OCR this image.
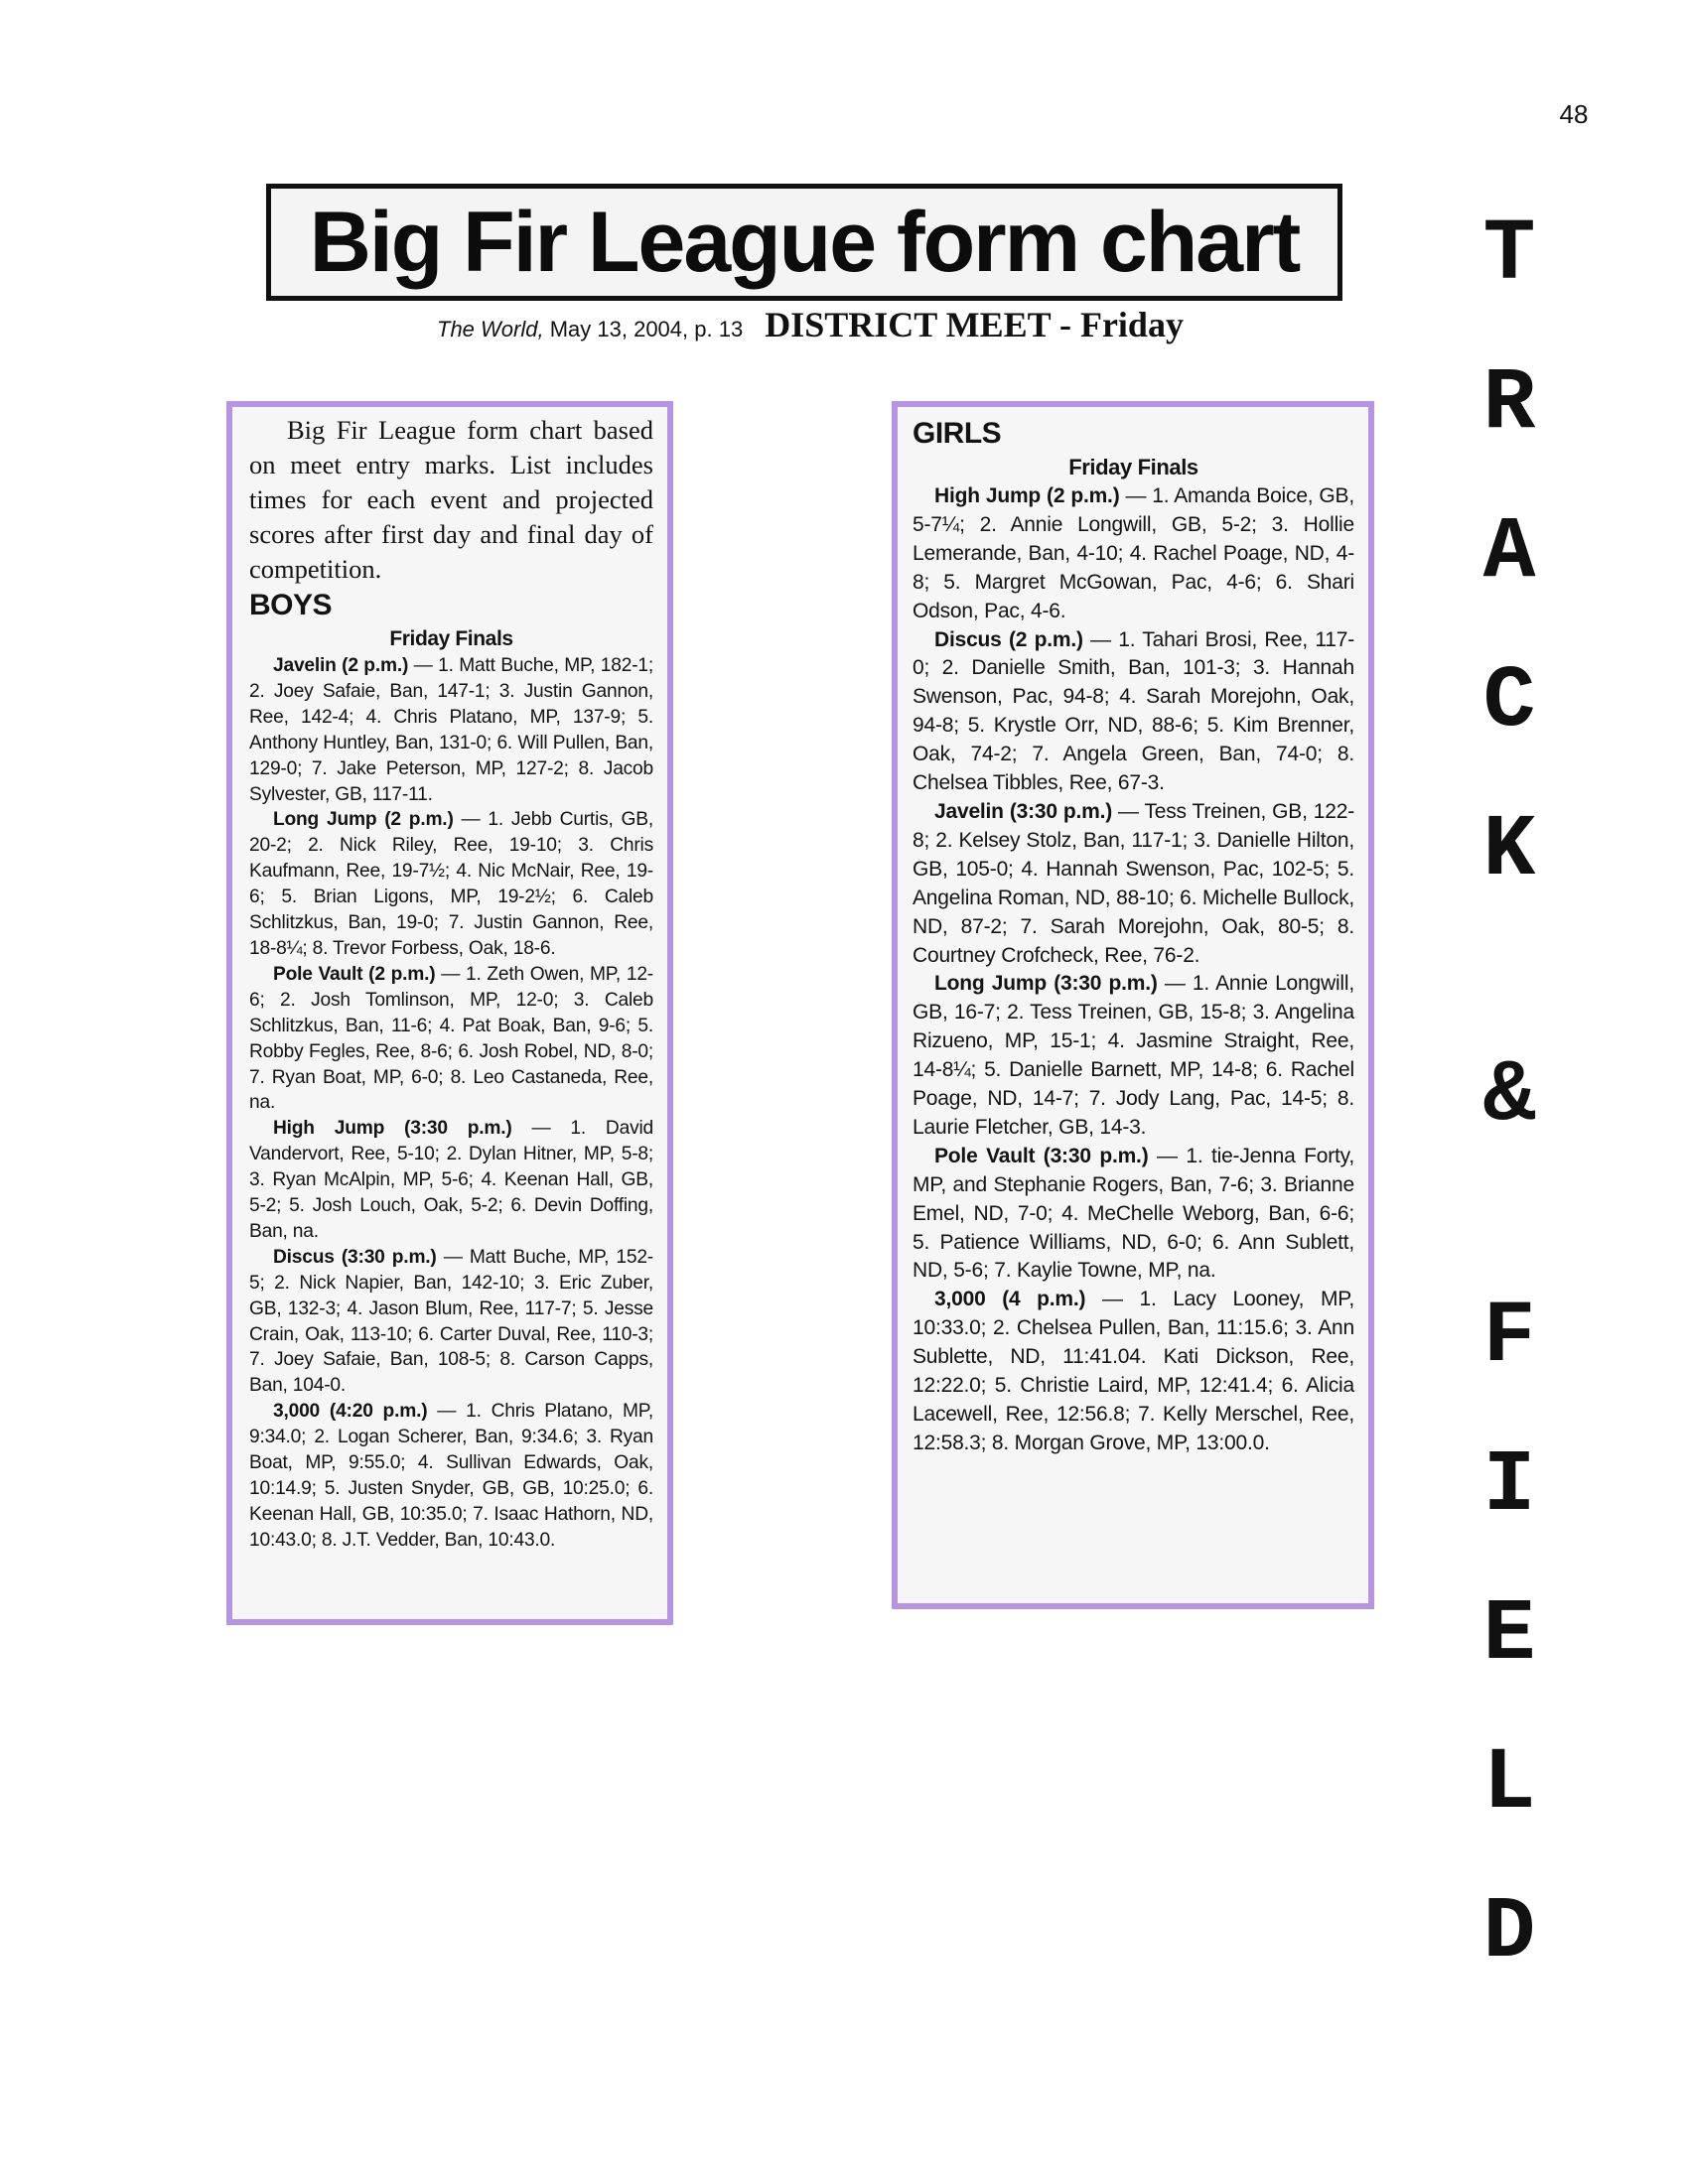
48
Big Fir League form chart
The World, May 13, 2004, p. 13 DISTRICT MEET - Friday

Big Fir League form chart based on meet entry marks. List includes times for each event and projected scores after first day and final day of competition.

BOYS

Friday Finals

Javelin (2 p.m.) — 1. Matt Buche, MP, 182-1; 2. Joey Safaie, Ban, 147-1; 3. Justin Gannon, Ree, 142-4; 4. Chris Platano, MP, 137-9; 5. Anthony Huntley, Ban, 131-0; 6. Will Pullen, Ban, 129-0; 7. Jake Peterson, MP, 127-2; 8. Jacob Sylvester, GB, 117-11.

Long Jump (2 p.m.) — 1. Jebb Curtis, GB, 20-2; 2. Nick Riley, Ree, 19-10; 3. Chris Kaufmann, Ree, 19-7½; 4. Nic McNair, Ree, 19-6; 5. Brian Ligons, MP, 19-2½; 6. Caleb Schlitzkus, Ban, 19-0; 7. Justin Gannon, Ree, 18-8¼; 8. Trevor Forbess, Oak, 18-6.

Pole Vault (2 p.m.) — 1. Zeth Owen, MP, 12-6; 2. Josh Tomlinson, MP, 12-0; 3. Caleb Schlitzkus, Ban, 11-6; 4. Pat Boak, Ban, 9-6; 5. Robby Fegles, Ree, 8-6; 6. Josh Robel, ND, 8-0; 7. Ryan Boat, MP, 6-0; 8. Leo Castaneda, Ree, na.

High Jump (3:30 p.m.) — 1. David Vandervort, Ree, 5-10; 2. Dylan Hitner, MP, 5-8; 3. Ryan McAlpin, MP, 5-6; 4. Keenan Hall, GB, 5-2; 5. Josh Louch, Oak, 5-2; 6. Devin Doffing, Ban, na.

Discus (3:30 p.m.) — Matt Buche, MP, 152-5; 2. Nick Napier, Ban, 142-10; 3. Eric Zuber, GB, 132-3; 4. Jason Blum, Ree, 117-7; 5. Jesse Crain, Oak, 113-10; 6. Carter Duval, Ree, 110-3; 7. Joey Safaie, Ban, 108-5; 8. Carson Capps, Ban, 104-0.

3,000 (4:20 p.m.) — 1. Chris Platano, MP, 9:34.0; 2. Logan Scherer, Ban, 9:34.6; 3. Ryan Boat, MP, 9:55.0; 4. Sullivan Edwards, Oak, 10:14.9; 5. Justen Snyder, GB, GB, 10:25.0; 6. Keenan Hall, GB, 10:35.0; 7. Isaac Hathorn, ND, 10:43.0; 8. J.T. Vedder, Ban, 10:43.0.

GIRLS

Friday Finals

High Jump (2 p.m.) — 1. Amanda Boice, GB, 5-7¼; 2. Annie Longwill, GB, 5-2; 3. Hollie Lemerande, Ban, 4-10; 4. Rachel Poage, ND, 4-8; 5. Margret McGowan, Pac, 4-6; 6. Shari Odson, Pac, 4-6.

Discus (2 p.m.) — 1. Tahari Brosi, Ree, 117-0; 2. Danielle Smith, Ban, 101-3; 3. Hannah Swenson, Pac, 94-8; 4. Sarah Morejohn, Oak, 94-8; 5. Krystle Orr, ND, 88-6; 5. Kim Brenner, Oak, 74-2; 7. Angela Green, Ban, 74-0; 8. Chelsea Tibbles, Ree, 67-3.

Javelin (3:30 p.m.) — Tess Treinen, GB, 122-8; 2. Kelsey Stolz, Ban, 117-1; 3. Danielle Hilton, GB, 105-0; 4. Hannah Swenson, Pac, 102-5; 5. Angelina Roman, ND, 88-10; 6. Michelle Bullock, ND, 87-2; 7. Sarah Morejohn, Oak, 80-5; 8. Courtney Crofcheck, Ree, 76-2.

Long Jump (3:30 p.m.) — 1. Annie Longwill, GB, 16-7; 2. Tess Treinen, GB, 15-8; 3. Angelina Rizueno, MP, 15-1; 4. Jasmine Straight, Ree, 14-8¼; 5. Danielle Barnett, MP, 14-8; 6. Rachel Poage, ND, 14-7; 7. Jody Lang, Pac, 14-5; 8. Laurie Fletcher, GB, 14-3.

Pole Vault (3:30 p.m.) — 1. tie-Jenna Forty, MP, and Stephanie Rogers, Ban, 7-6; 3. Brianne Emel, ND, 7-0; 4. MeChelle Weborg, Ban, 6-6; 5. Patience Williams, ND, 6-0; 6. Ann Sublett, ND, 5-6; 7. Kaylie Towne, MP, na.

3,000 (4 p.m.) — 1. Lacy Looney, MP, 10:33.0; 2. Chelsea Pullen, Ban, 11:15.6; 3. Ann Sublette, ND, 11:41.04. Kati Dickson, Ree, 12:22.0; 5. Christie Laird, MP, 12:41.4; 6. Alicia Lacewell, Ree, 12:56.8; 7. Kelly Merschel, Ree, 12:58.3; 8. Morgan Grove, MP, 13:00.0.

T
R
A
C
K
&
F
I
E
L
D
